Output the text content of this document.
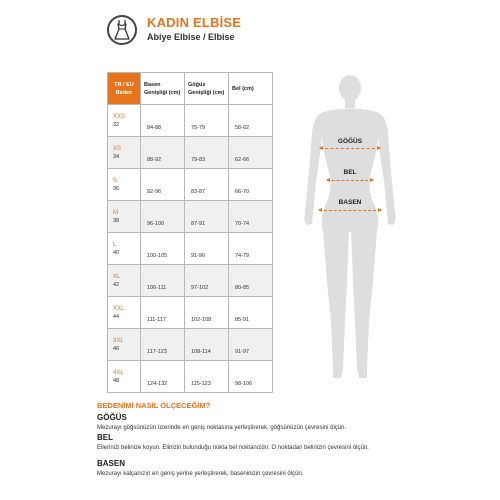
KADIN ELBİSE
Abiye Elbise / Elbise
TR / EU Beden	Basen Genişliği (cm)	Göğüs Genişliği (cm)	Bel (cm)

XXS
32	84-88	75-79	58-62

XS
34	88-92	79-83	62-66

S
36	92-96	83-87	66-70

M
38	96-100	87-91	70-74

L
40	100-105	91-96	74-79

XL
42	106-111	97-102	80-85

XXL
44	111-117	102-108	85-91

3XL
46	117-123	108-114	91-97

4XL
48	124-132	115-123	98-106
GÖĞÜS
BEL
BASEN
BEDENİMİ NASIL ÖLÇECEĞİM?
GÖĞÜS
Mezurayı göğsünüzün üzerinde en geniş noktasına yerleştirerek, göğsünüzün çevresini ölçün.
BEL
Ellerinizi belinize koyun. Elinizin bulunduğu nokta bel noktanızdır. O noktadan belinizin çevresini ölçün.
BASEN
Mezurayı kalçanızın en geniş yerine yerleştirerek, baseninizin çevresini ölçün.
